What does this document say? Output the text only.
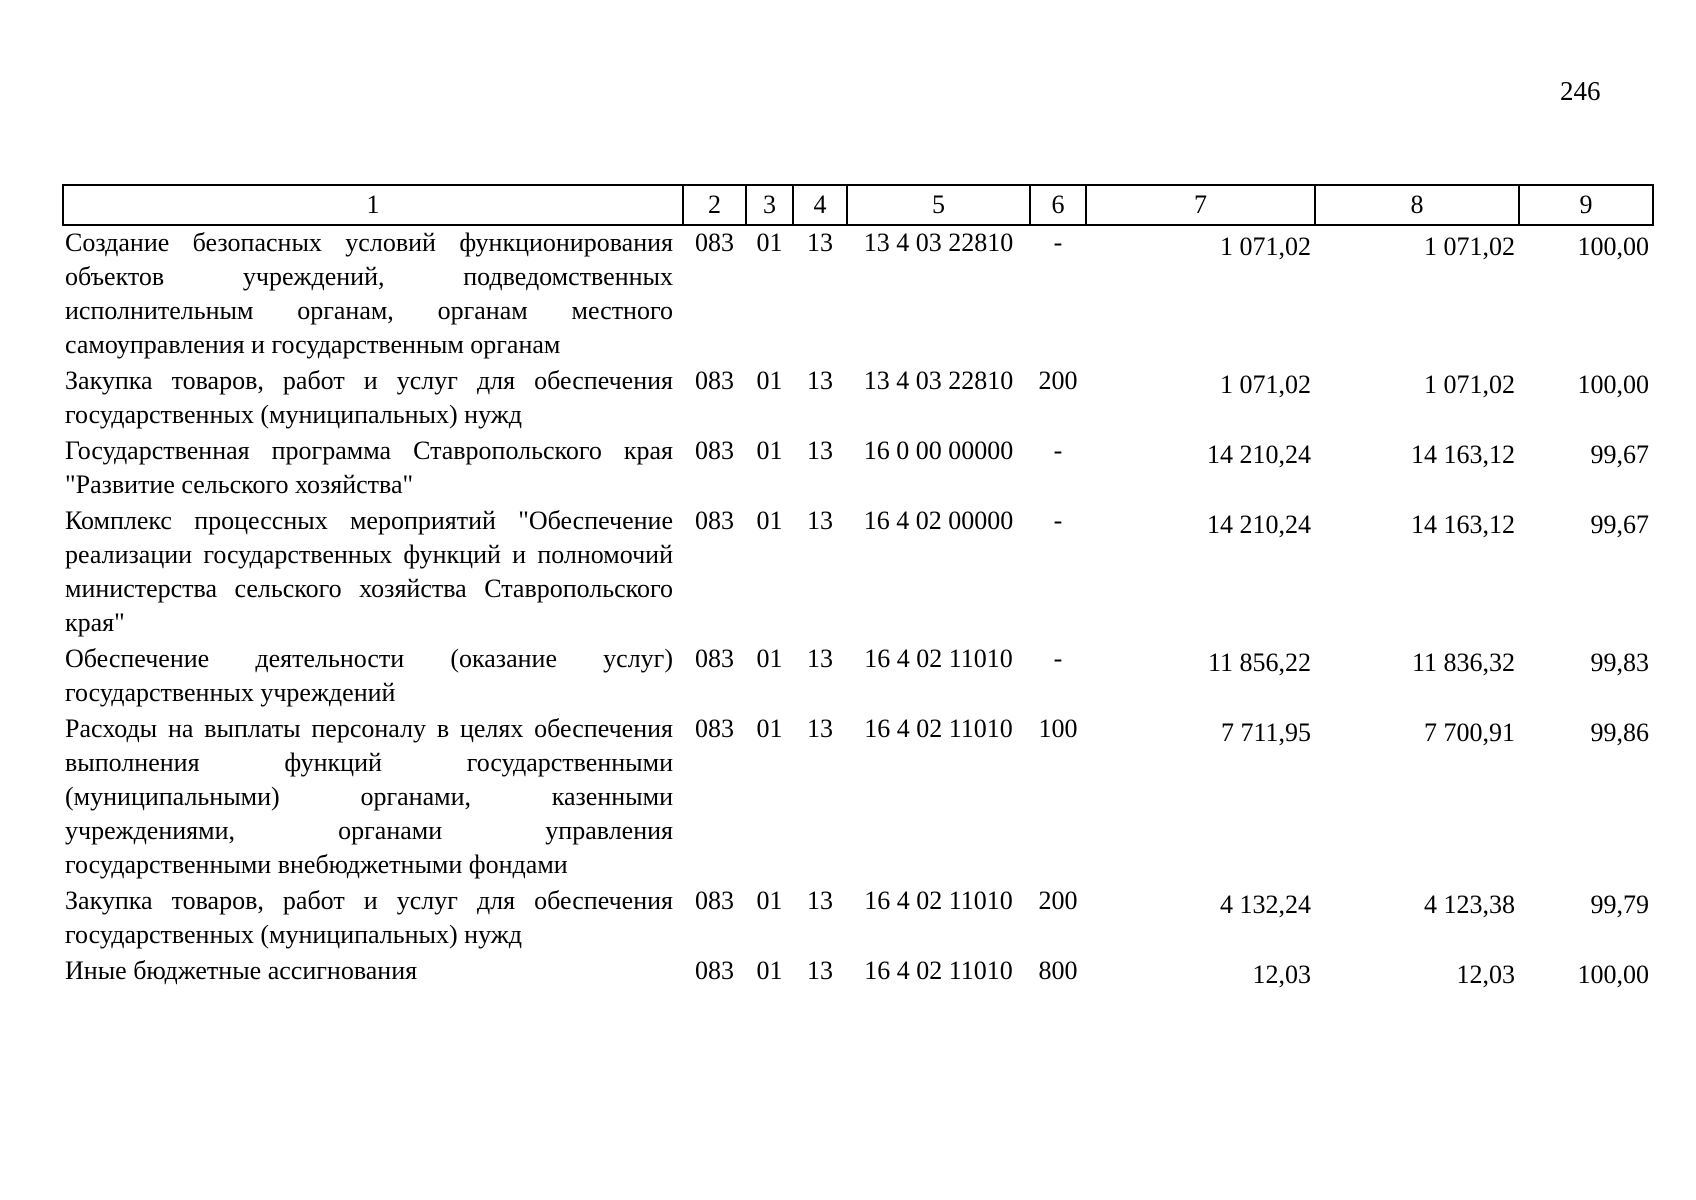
246
1	2	3	4	5	6	7	8	9
Создание безопасных условий функционирования объектов учреждений, подведомственных исполнительным органам, органам местного самоуправления и государственным органам	083	01	13	13 4 03 22810	-	1 071,02	1 071,02	100,00
Закупка товаров, работ и услуг для обеспечения государственных (муниципальных) нужд	083	01	13	13 4 03 22810	200	1 071,02	1 071,02	100,00
Государственная программа Ставропольского края "Развитие сельского хозяйства"	083	01	13	16 0 00 00000	-	14 210,24	14 163,12	99,67
Комплекс процессных мероприятий "Обеспечение реализации государственных функций и полномочий министерства сельского хозяйства Ставропольского края"	083	01	13	16 4 02 00000	-	14 210,24	14 163,12	99,67
Обеспечение деятельности (оказание услуг) государственных учреждений	083	01	13	16 4 02 11010	-	11 856,22	11 836,32	99,83
Расходы на выплаты персоналу в целях обеспечения выполнения функций государственными (муниципальными) органами, казенными учреждениями, органами управления государственными внебюджетными фондами	083	01	13	16 4 02 11010	100	7 711,95	7 700,91	99,86
Закупка товаров, работ и услуг для обеспечения государственных (муниципальных) нужд	083	01	13	16 4 02 11010	200	4 132,24	4 123,38	99,79
Иные бюджетные ассигнования	083	01	13	16 4 02 11010	800	12,03	12,03	100,00
